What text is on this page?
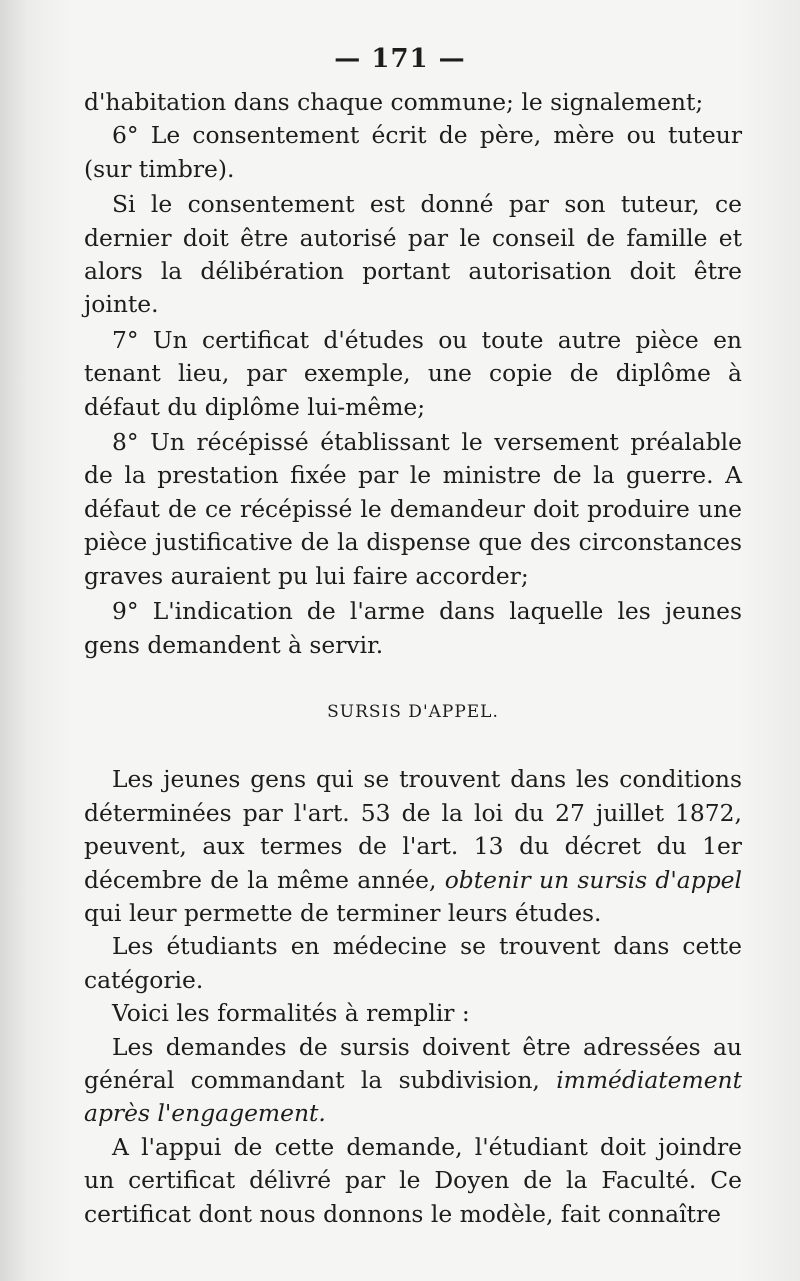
— 171 —

d'habitation dans chaque commune; le signalement;

6° Le consentement écrit de père, mère ou tuteur (sur timbre).

Si le consentement est donné par son tuteur, ce dernier doit être autorisé par le conseil de famille et alors la délibération portant autorisation doit être jointe.

7° Un certificat d'études ou toute autre pièce en tenant lieu, par exemple, une copie de diplôme à défaut du diplôme lui-même;

8° Un récépissé établissant le versement préalable de la prestation fixée par le ministre de la guerre. A défaut de ce récépissé le demandeur doit produire une pièce justificative de la dispense que des circonstances graves auraient pu lui faire accorder;

9° L'indication de l'arme dans laquelle les jeunes gens demandent à servir.

SURSIS D'APPEL.

Les jeunes gens qui se trouvent dans les conditions déterminées par l'art. 53 de la loi du 27 juillet 1872, peuvent, aux termes de l'art. 13 du décret du 1er décembre de la même année, obtenir un sursis d'appel qui leur permette de terminer leurs études.

Les étudiants en médecine se trouvent dans cette catégorie.

Voici les formalités à remplir :

Les demandes de sursis doivent être adressées au général commandant la subdivision, immédiatement après l'engagement.

A l'appui de cette demande, l'étudiant doit joindre un certificat délivré par le Doyen de la Faculté. Ce certificat dont nous donnons le modèle, fait connaître
